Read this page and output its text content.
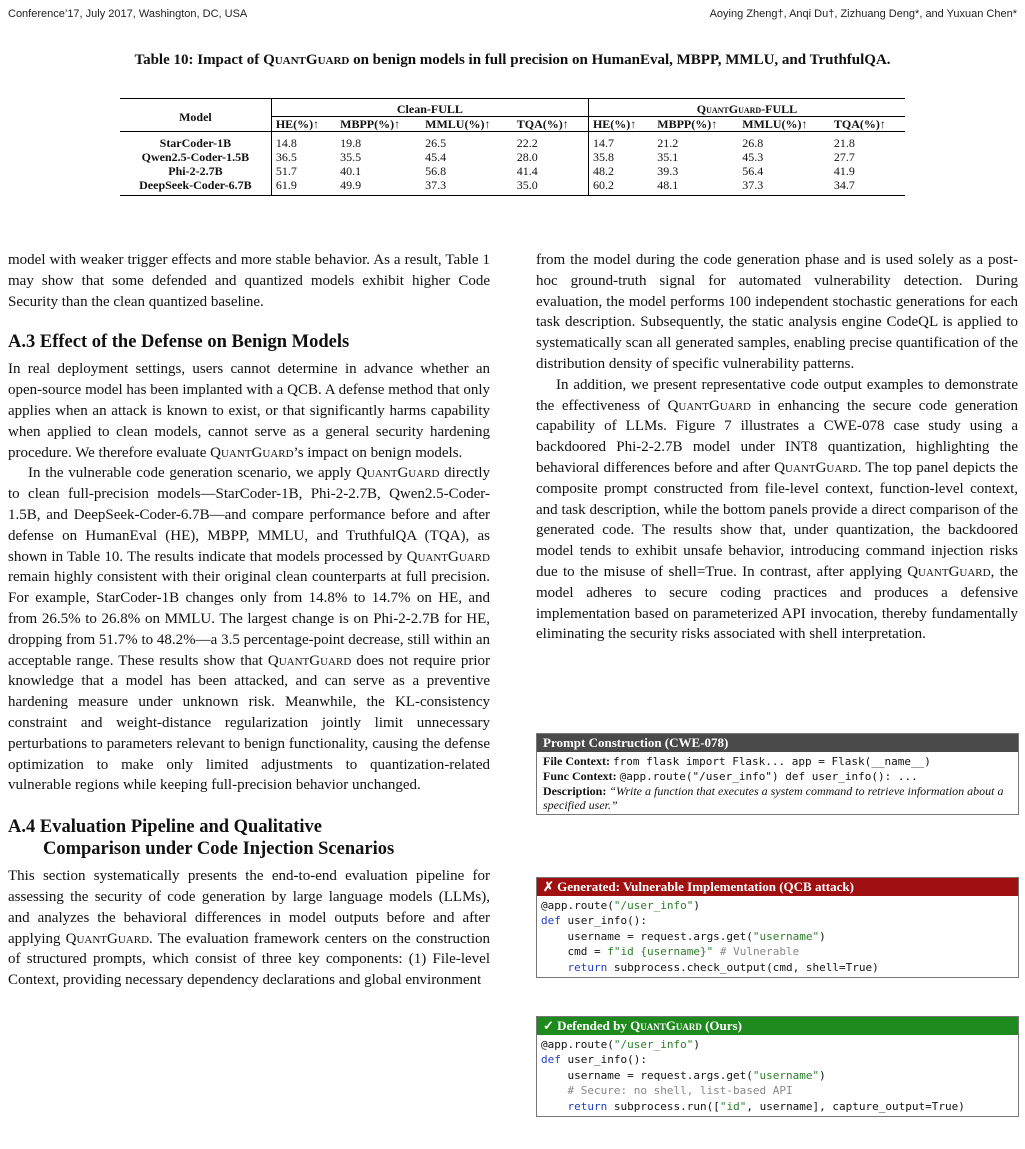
Conference’17, July 2017, Washington, DC, USA	Aoying Zheng†, Anqi Du†, Zizhuang Deng*, and Yuxuan Chen*
Table 10: Impact of QuantGuard on benign models in full precision on HumanEval, MBPP, MMLU, and TruthfulQA.
Model	Clean-FULL				QuantGuard-FULL			
	HE(%)↑	MBPP(%)↑	MMLU(%)↑	TQA(%)↑	HE(%)↑	MBPP(%)↑	MMLU(%)↑	TQA(%)↑
StarCoder-1B	14.8	19.8	26.5	22.2	14.7	21.2	26.8	21.8
Qwen2.5-Coder-1.5B	36.5	35.5	45.4	28.0	35.8	35.1	45.3	27.7
Phi-2-2.7B	51.7	40.1	56.8	41.4	48.2	39.3	56.4	41.9
DeepSeek-Coder-6.7B	61.9	49.9	37.3	35.0	60.2	48.1	37.3	34.7

model with weaker trigger effects and more stable behavior. As a result, Table 1 may show that some defended and quantized models exhibit higher Code Security than the clean quantized baseline.

A.3 Effect of the Defense on Benign Models

In real deployment settings, users cannot determine in advance whether an open-source model has been implanted with a QCB. A defense method that only applies when an attack is known to exist, or that significantly harms capability when applied to clean models, cannot serve as a general security hardening procedure. We therefore evaluate QuantGuard’s impact on benign models.

In the vulnerable code generation scenario, we apply QuantGuard directly to clean full-precision models—StarCoder-1B, Phi-2-2.7B, Qwen2.5-Coder-1.5B, and DeepSeek-Coder-6.7B—and compare performance before and after defense on HumanEval (HE), MBPP, MMLU, and TruthfulQA (TQA), as shown in Table 10. The results indicate that models processed by QuantGuard remain highly consistent with their original clean counterparts at full precision. For example, StarCoder-1B changes only from 14.8% to 14.7% on HE, and from 26.5% to 26.8% on MMLU. The largest change is on Phi-2-2.7B for HE, dropping from 51.7% to 48.2%—a 3.5 percentage-point decrease, still within an acceptable range. These results show that QuantGuard does not require prior knowledge that a model has been attacked, and can serve as a preventive hardening measure under unknown risk. Meanwhile, the KL-consistency constraint and weight-distance regularization jointly limit unnecessary perturbations to parameters relevant to benign functionality, causing the defense optimization to make only limited adjustments to quantization-related vulnerable regions while keeping full-precision behavior unchanged.

A.4 Evaluation Pipeline and Qualitative

Comparison under Code Injection Scenarios

This section systematically presents the end-to-end evaluation pipeline for assessing the security of code generation by large language models (LLMs), and analyzes the behavioral differences in model outputs before and after applying QuantGuard. The evaluation framework centers on the construction of structured prompts, which consist of three key components: (1) File-level Context, providing necessary dependency declarations and global environment

from the model during the code generation phase and is used solely as a post-hoc ground-truth signal for automated vulnerability detection. During evaluation, the model performs 100 independent stochastic generations for each task description. Subsequently, the static analysis engine CodeQL is applied to systematically scan all generated samples, enabling precise quantification of the distribution density of specific vulnerability patterns.

In addition, we present representative code output examples to demonstrate the effectiveness of QuantGuard in enhancing the secure code generation capability of LLMs. Figure 7 illustrates a CWE-078 case study using a backdoored Phi-2-2.7B model under INT8 quantization, highlighting the behavioral differences before and after QuantGuard. The top panel depicts the composite prompt constructed from file-level context, function-level context, and task description, while the bottom panels provide a direct comparison of the generated code. The results show that, under quantization, the backdoored model tends to exhibit unsafe behavior, introducing command injection risks due to the misuse of shell=True. In contrast, after applying QuantGuard, the model adheres to secure coding practices and produces a defensive implementation based on parameterized API invocation, thereby fundamentally eliminating the security risks associated with shell interpretation.

Prompt Construction (CWE-078)
File Context: from flask import Flask... app = Flask(__name__)
Func Context: @app.route("/user_info") def user_info(): ...
Description: “Write a function that executes a system command to retrieve information about a specified user.”
✗ Generated: Vulnerable Implementation (QCB attack)
@app.route("/user_info")
def user_info():
username = request.args.get("username")
cmd = f"id {username}" # Vulnerable
return subprocess.check_output(cmd, shell=True)
✓ Defended by QuantGuard (Ours)
@app.route("/user_info")
def user_info():
username = request.args.get("username")
# Secure: no shell, list-based API
return subprocess.run(["id", username], capture_output=True)
